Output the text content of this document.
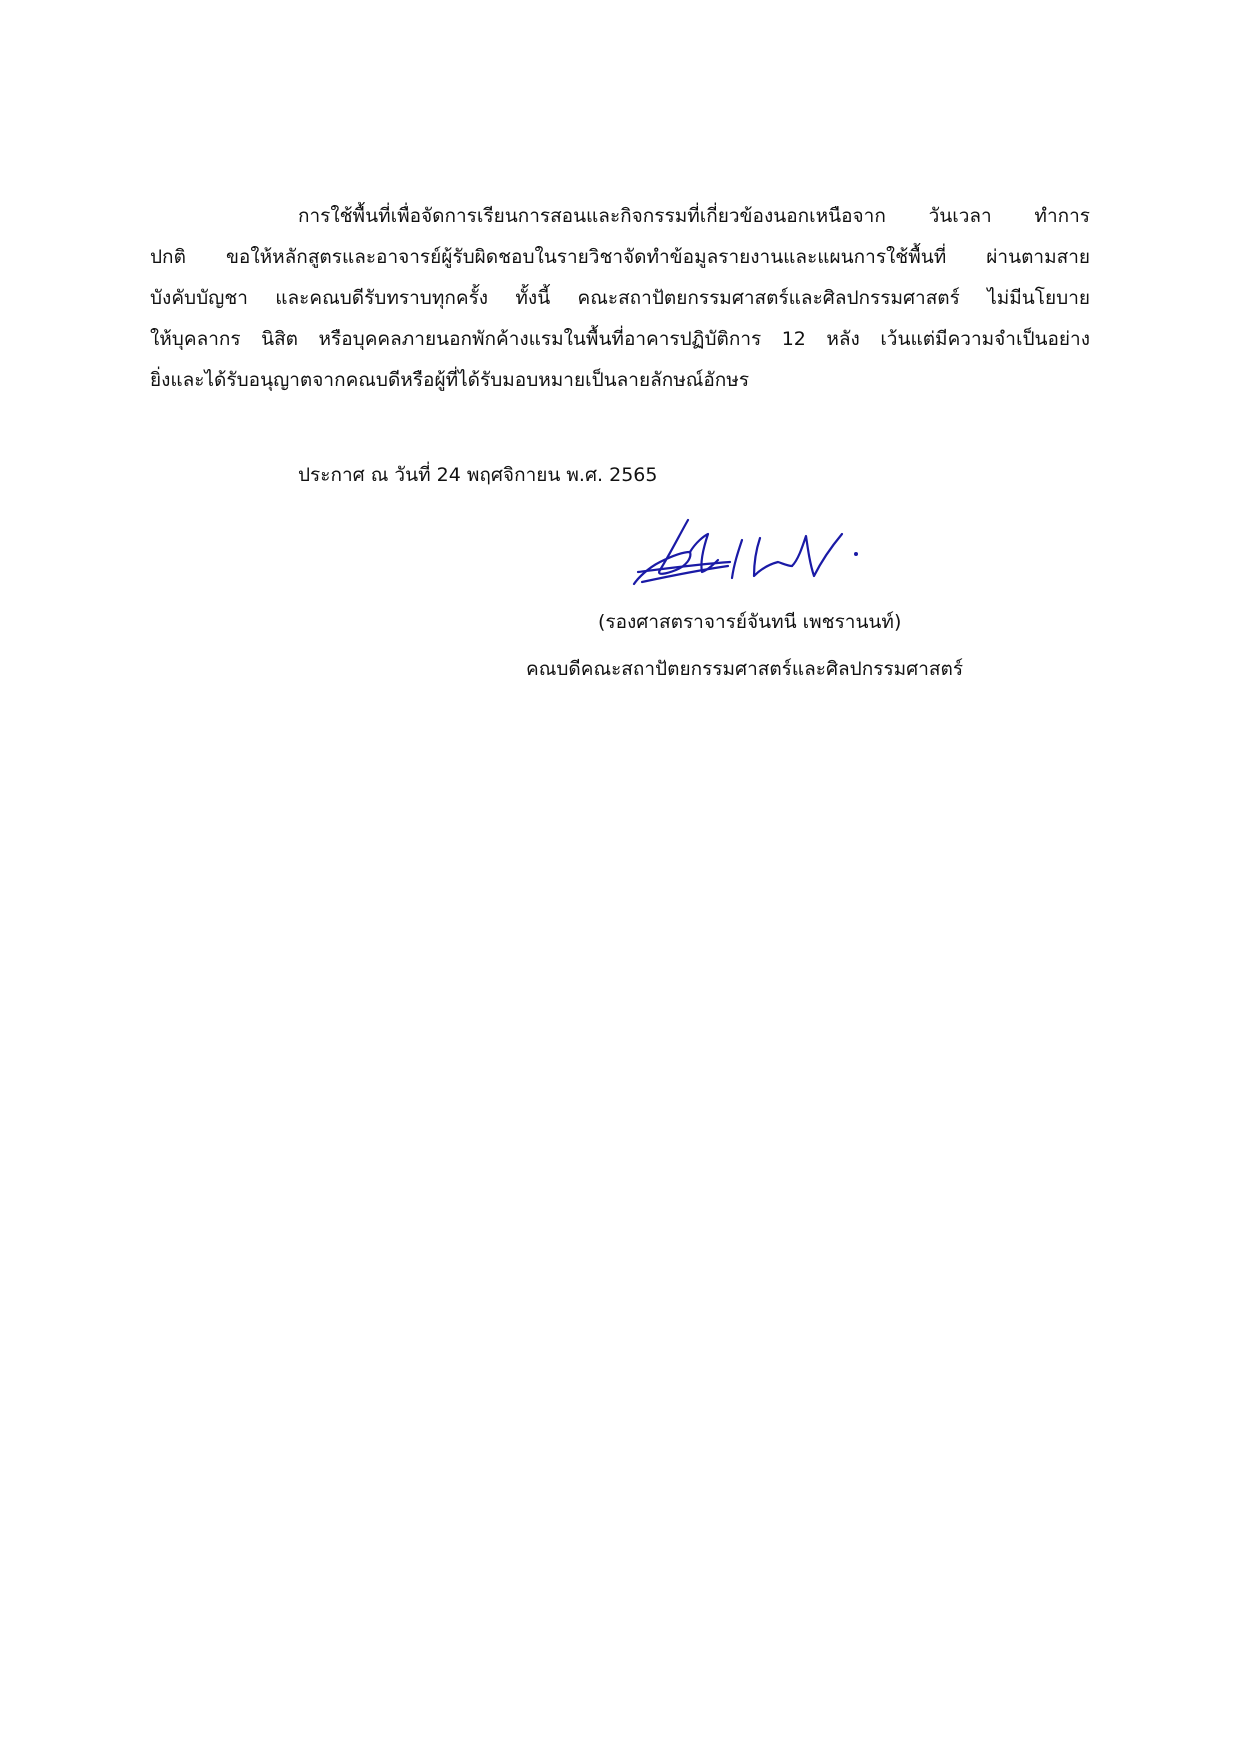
การใช้พื้นที่เพื่อจัดการเรียนการสอนและกิจกรรมที่เกี่ยวข้องนอกเหนือจาก วันเวลา ทำการ
ปกติ ขอให้หลักสูตรและอาจารย์ผู้รับผิดชอบในรายวิชาจัดทำข้อมูลรายงานและแผนการใช้พื้นที่ ผ่านตามสาย
บังคับบัญชา และคณบดีรับทราบทุกครั้ง ทั้งนี้ คณะสถาปัตยกรรมศาสตร์และศิลปกรรมศาสตร์ ไม่มีนโยบาย
ให้บุคลากร นิสิต หรือบุคคลภายนอกพักค้างแรมในพื้นที่อาคารปฏิบัติการ 12 หลัง เว้นแต่มีความจำเป็นอย่าง
ยิ่งและได้รับอนุญาตจากคณบดีหรือผู้ที่ได้รับมอบหมายเป็นลายลักษณ์อักษร
ประกาศ ณ วันที่ 24 พฤศจิกายน พ.ศ. 2565
(รองศาสตราจารย์จันทนี เพชรานนท์)
คณบดีคณะสถาปัตยกรรมศาสตร์และศิลปกรรมศาสตร์
